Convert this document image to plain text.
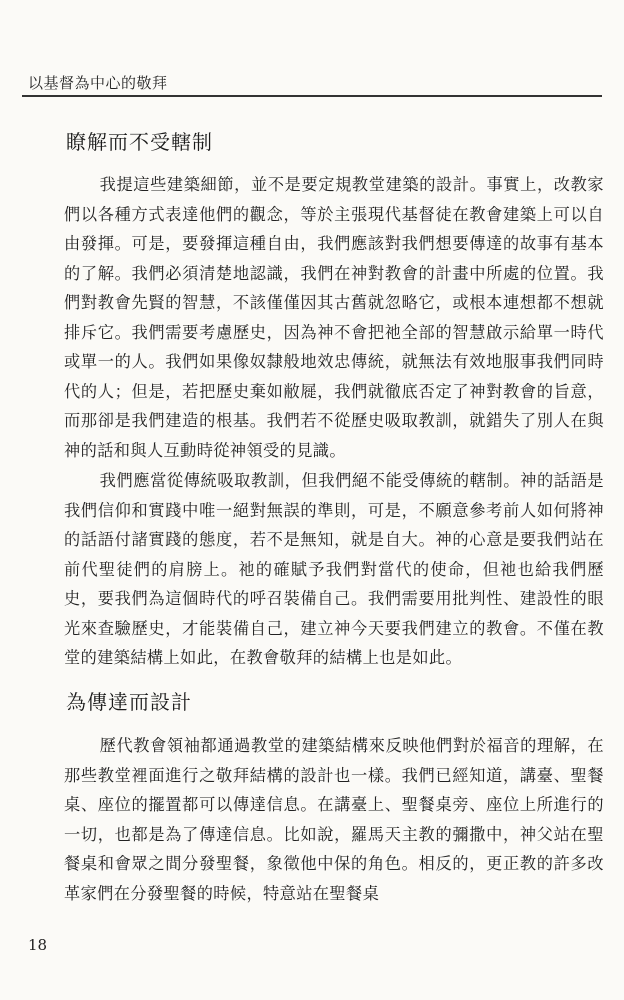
以基督為中心的敬拜
瞭解而不受轄制

我提這些建築細節，並不是要定規教堂建築的設計。事實上，改教家們以各種方式表達他們的觀念，等於主張現代基督徒在教會建築上可以自由發揮。可是，要發揮這種自由，我們應該對我們想要傳達的故事有基本的了解。我們必須清楚地認識，我們在神對教會的計畫中所處的位置。我們對教會先賢的智慧，不該僅僅因其古舊就忽略它，或根本連想都不想就排斥它。我們需要考慮歷史，因為神不會把祂全部的智慧啟示給單一時代或單一的人。我們如果像奴隸般地效忠傳統，就無法有效地服事我們同時代的人；但是，若把歷史棄如敝屣，我們就徹底否定了神對教會的旨意，而那卻是我們建造的根基。我們若不從歷史吸取教訓，就錯失了別人在與神的話和與人互動時從神領受的見識。

我們應當從傳統吸取教訓，但我們絕不能受傳統的轄制。神的話語是我們信仰和實踐中唯一絕對無誤的準則，可是，不願意參考前人如何將神的話語付諸實踐的態度，若不是無知，就是自大。神的心意是要我們站在前代聖徒們的肩膀上。祂的確賦予我們對當代的使命，但祂也給我們歷史，要我們為這個時代的呼召裝備自己。我們需要用批判性、建設性的眼光來查驗歷史，才能裝備自己，建立神今天要我們建立的教會。不僅在教堂的建築結構上如此，在教會敬拜的結構上也是如此。

為傳達而設計

歷代教會領袖都通過教堂的建築結構來反映他們對於福音的理解，在那些教堂裡面進行之敬拜結構的設計也一樣。我們已經知道，講臺、聖餐桌、座位的擺置都可以傳達信息。在講臺上、聖餐桌旁、座位上所進行的一切，也都是為了傳達信息。比如說，羅馬天主教的彌撒中，神父站在聖餐桌和會眾之間分發聖餐，象徵他中保的角色。相反的，更正教的許多改革家們在分發聖餐的時候，特意站在聖餐桌

18
